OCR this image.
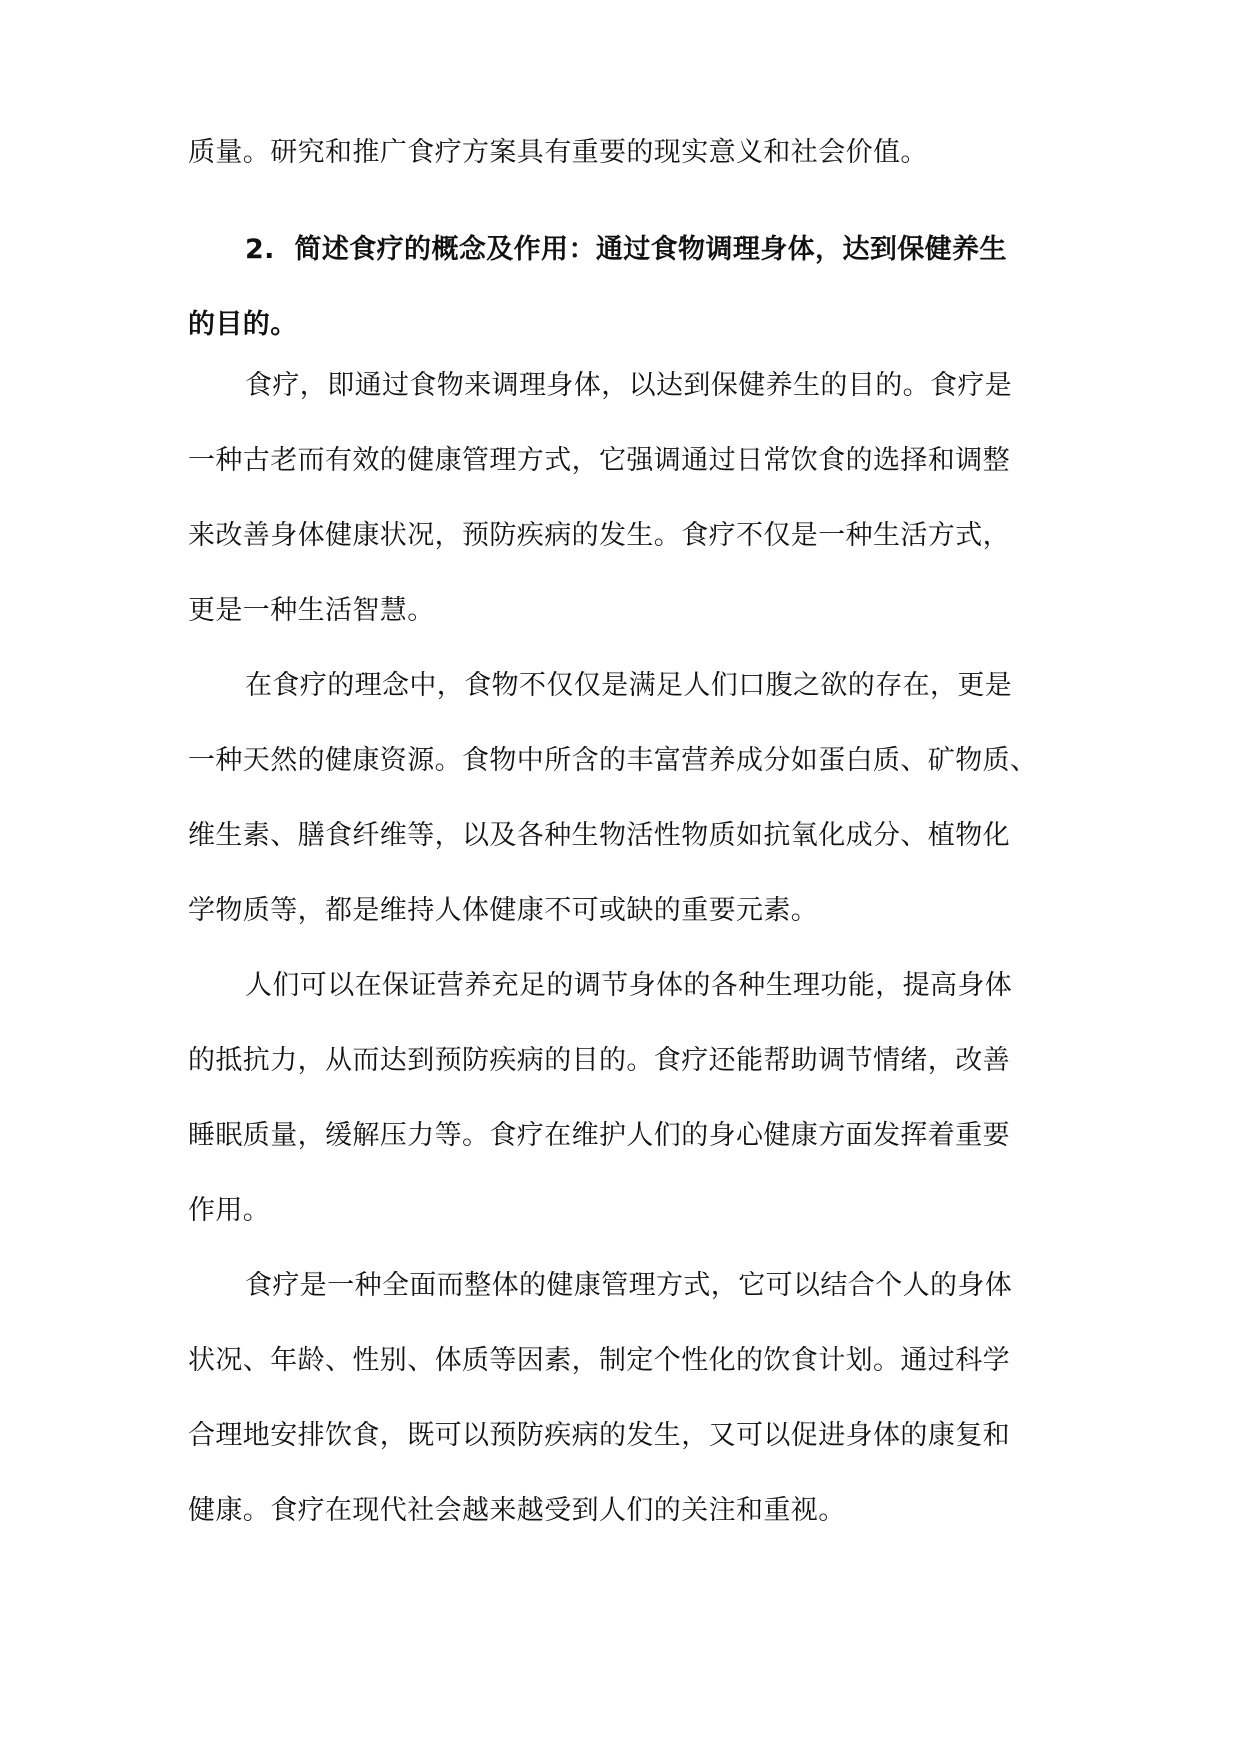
质量。研究和推广食疗方案具有重要的现实意义和社会价值。

2.  简述食疗的概念及作用：通过食物调理身体，达到保健养生

的目的。

食疗，即通过食物来调理身体，以达到保健养生的目的。食疗是

一种古老而有效的健康管理方式，它强调通过日常饮食的选择和调整

来改善身体健康状况，预防疾病的发生。食疗不仅是一种生活方式，

更是一种生活智慧。

在食疗的理念中，食物不仅仅是满足人们口腹之欲的存在，更是

一种天然的健康资源。食物中所含的丰富营养成分如蛋白质、矿物质、

维生素、膳食纤维等，以及各种生物活性物质如抗氧化成分、植物化

学物质等，都是维持人体健康不可或缺的重要元素。

人们可以在保证营养充足的调节身体的各种生理功能，提高身体

的抵抗力，从而达到预防疾病的目的。食疗还能帮助调节情绪，改善

睡眠质量，缓解压力等。食疗在维护人们的身心健康方面发挥着重要

作用。

食疗是一种全面而整体的健康管理方式，它可以结合个人的身体

状况、年龄、性别、体质等因素，制定个性化的饮食计划。通过科学

合理地安排饮食，既可以预防疾病的发生，又可以促进身体的康复和

健康。食疗在现代社会越来越受到人们的关注和重视。
